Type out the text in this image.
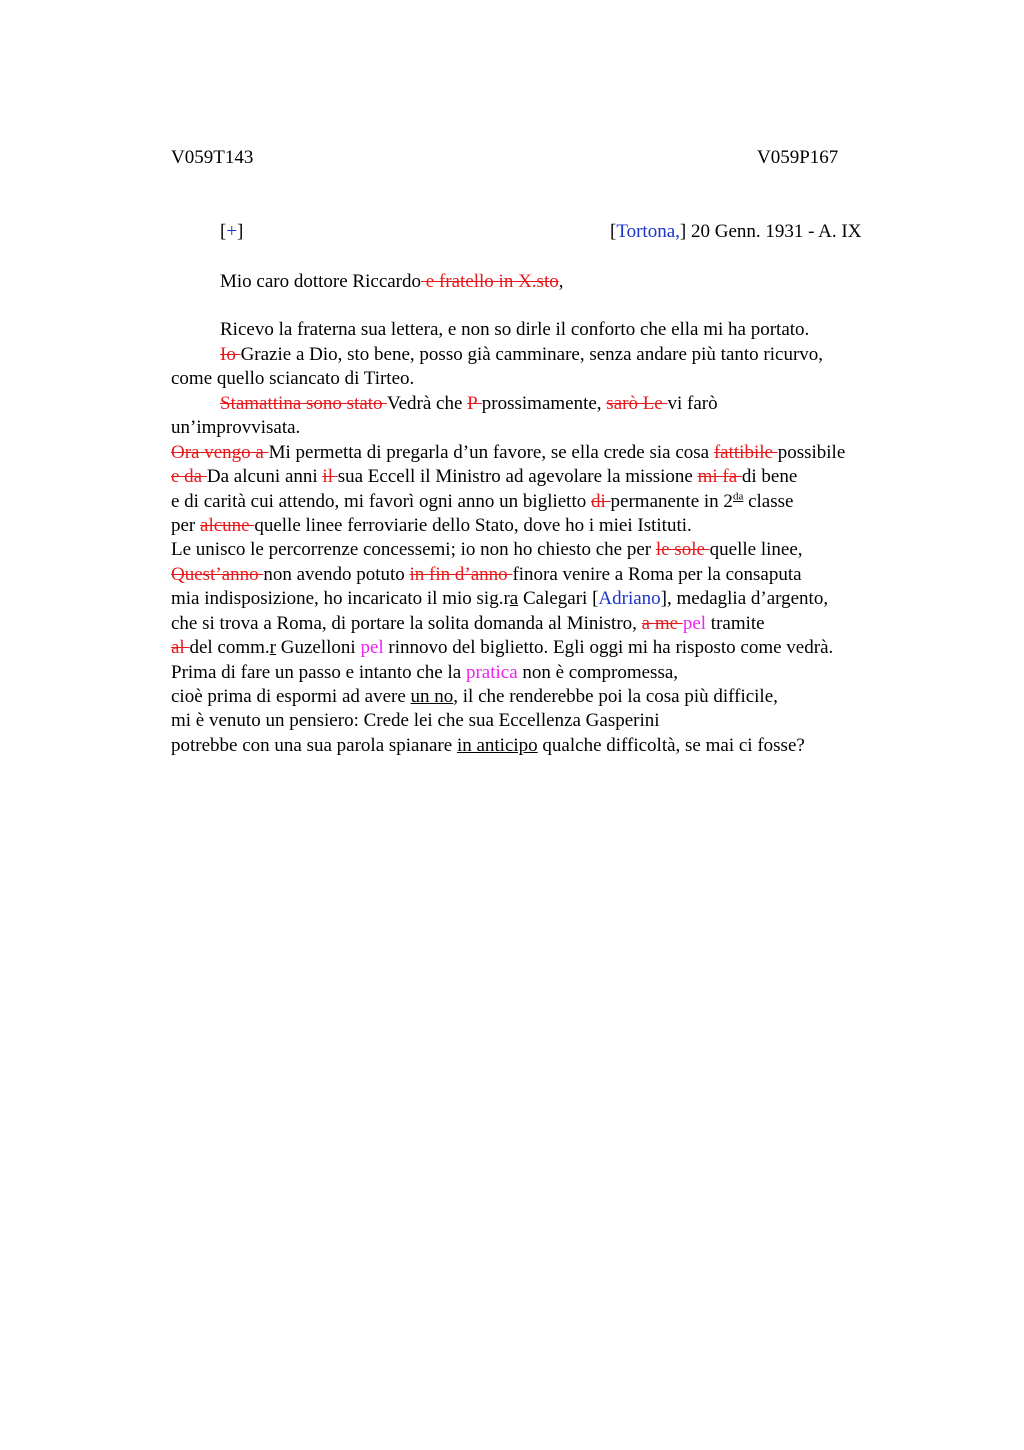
V059T143	V059P167
[+]	[Tortona,] 20 Genn. 1931 - A. IX
Mio caro dottore Riccardo e fratello in X.sto,
Ricevo la fraterna sua lettera, e non so dirle il conforto che ella mi ha portato.
Io Grazie a Dio, sto bene, posso già camminare, senza andare più tanto ricurvo,
come quello sciancato di Tirteo.
Stamattina sono stato Vedrà che P prossimamente, sarò Le vi farò
un’improvvisata.
Ora vengo a Mi permetta di pregarla d’un favore, se ella crede sia cosa fattibile possibile
e da Da alcuni anni il sua Eccell il Ministro ad agevolare la missione mi fa di bene
e di carità cui attendo, mi favorì ogni anno un biglietto di permanente in $2^{da}$ classe
per alcune quelle linee ferroviarie dello Stato, dove ho i miei Istituti.
Le unisco le percorrenze concessemi; io non ho chiesto che per le sole quelle linee,
Quest’anno non avendo potuto in fin d’anno finora venire a Roma per la consaputa
mia indisposizione, ho incaricato il mio sig.ra Calegari [Adriano], medaglia d’argento,
che si trova a Roma, di portare la solita domanda al Ministro, a me pel tramite
al del comm.r Guzelloni pel rinnovo del biglietto. Egli oggi mi ha risposto come vedrà.
Prima di fare un passo e intanto che la pratica non è compromessa,
cioè prima di espormi ad avere un no, il che renderebbe poi la cosa più difficile,
mi è venuto un pensiero: Crede lei che sua Eccellenza Gasperini
potrebbe con una sua parola spianare in anticipo qualche difficoltà, se mai ci fosse?
